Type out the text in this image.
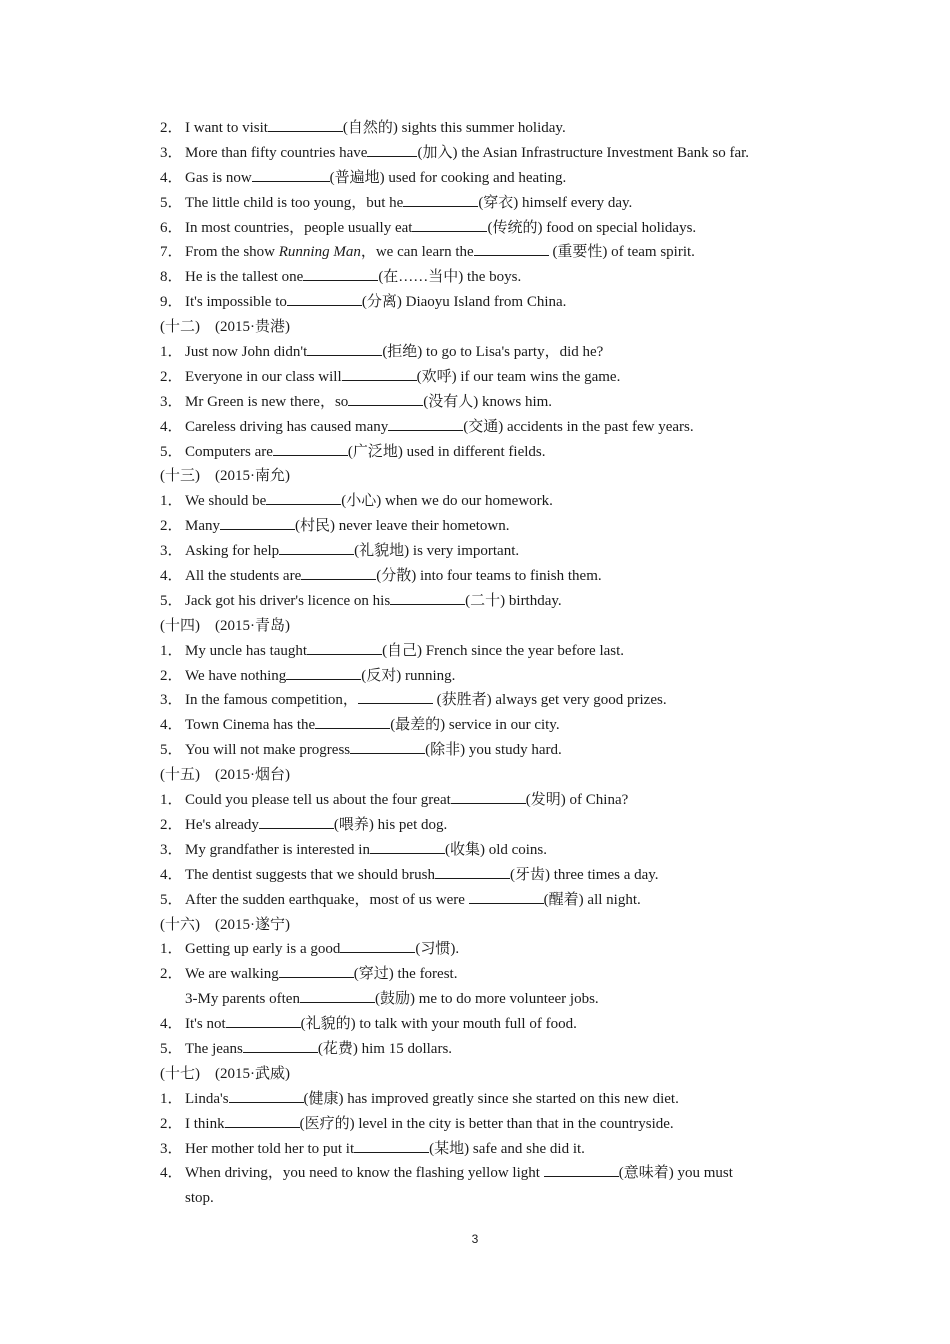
2． I want to visit	(自然的) sights this summer holiday.
3． More than fifty countries have	(加入) the Asian Infrastructure Investment Bank so far.
4． Gas is now	(普遍地) used for cooking and heating.
5． The little child is too young，but he	(穿衣) himself every day.
6． In most countries，people usually eat	(传统的) food on special holidays.
7． From the show Running Man，we can learn the	(重要性) of team spirit.
8． He is the tallest one	(在……当中) the boys.
9． It's impossible to	(分离) Diaoyu Island from China.
(十二)　(2015·贵港)
1． Just now John didn't	(拒绝) to go to Lisa's party，did he?
2． Everyone in our class will	(欢呼) if our team wins the game.
3． Mr Green is new there，so	(没有人) knows him.
4． Careless driving has caused many	(交通) accidents in the past few years.
5． Computers are	(广泛地) used in different fields.
(十三)　(2015·南允)
1． We should be	(小心) when we do our homework.
2． Many	(村民) never leave their hometown.
3． Asking for help	(礼貌地) is very important.
4． All the students are	(分散) into four teams to finish them.
5． Jack got his driver's licence on his	(二十) birthday.
(十四)　(2015·青岛)
1． My uncle has taught	(自己) French since the year before last.
2． We have nothing	(反对) running.
3． In the famous competition，	(获胜者) always get very good prizes.
4． Town Cinema has the	(最差的) service in our city.
5． You will not make progress	(除非) you study hard.
(十五)　(2015·烟台)
1． Could you please tell us about the four great	(发明) of China?
2． He's already	(喂养) his pet dog.
3． My grandfather is interested in	(收集) old coins.
4． The dentist suggests that we should brush	(牙齿) three times a day.
5． After the sudden earthquake，most of us were	(醒着) all night.
(十六)　(2015·遂宁)
1． Getting up early is a good	(习惯).
2． We are walking	(穿过) the forest.
3-My parents often	(鼓励) me to do more volunteer jobs.
4． It's not	(礼貌的) to talk with your mouth full of food.
5． The jeans	(花费) him 15 dollars.
(十七)　(2015·武威)
1． Linda's	(健康) has improved greatly since she started on this new diet.
2． I think	(医疗的) level in the city is better than that in the countryside.
3． Her mother told her to put it	(某地) safe and she did it.
4． When driving，you need to know the flashing yellow light	(意味着) you must
stop.
3
